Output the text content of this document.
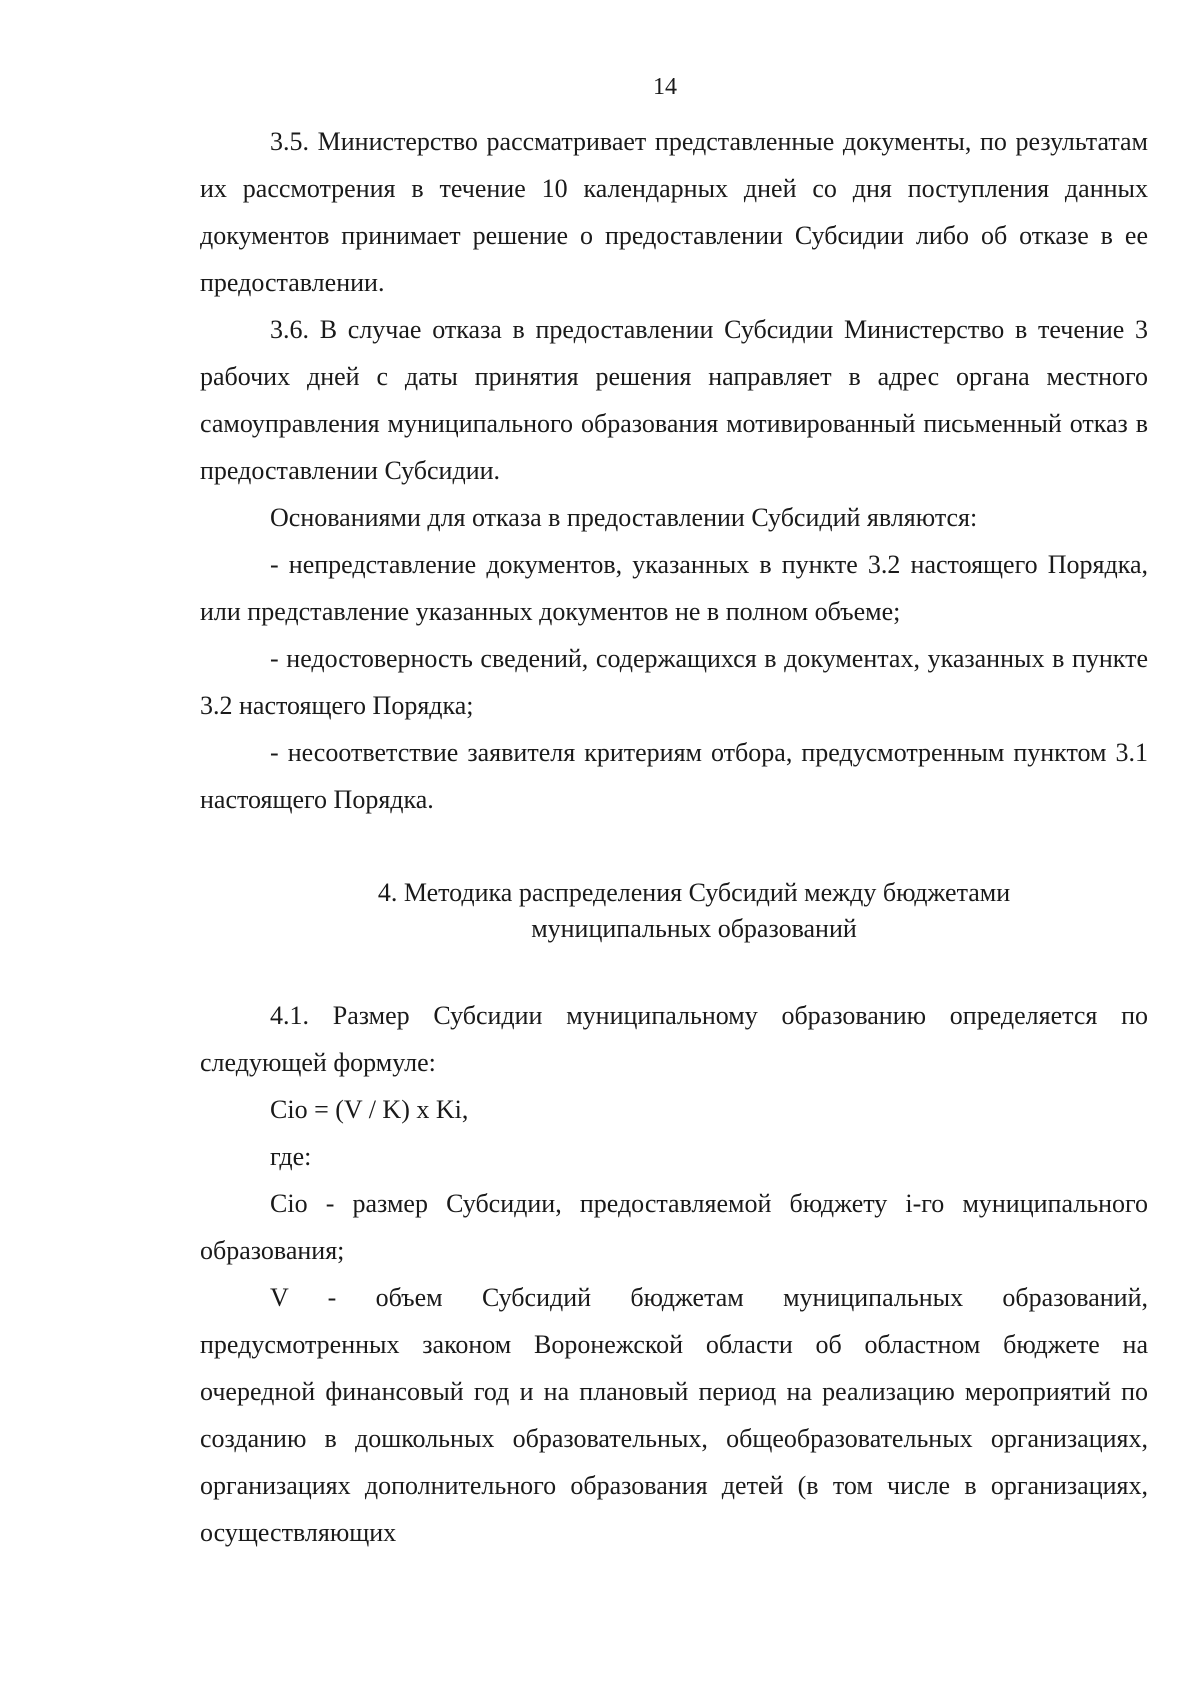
14

3.5. Министерство рассматривает представленные документы, по результатам их рассмотрения в течение 10 календарных дней со дня поступления данных документов принимает решение о предоставлении Субсидии либо об отказе в ее предоставлении.

3.6. В случае отказа в предоставлении Субсидии Министерство в течение 3 рабочих дней с даты принятия решения направляет в адрес органа местного самоуправления муниципального образования мотивированный письменный отказ в предоставлении Субсидии.

Основаниями для отказа в предоставлении Субсидий являются:

- непредставление документов, указанных в пункте 3.2 настоящего Порядка, или представление указанных документов не в полном объеме;

- недостоверность сведений, содержащихся в документах, указанных в пункте 3.2 настоящего Порядка;

- несоответствие заявителя критериям отбора, предусмотренным пунктом 3.1 настоящего Порядка.

4. Методика распределения Субсидий между бюджетами
муниципальных образований

4.1. Размер Субсидии муниципальному образованию определяется по следующей формуле:

Cio = (V / K) x Ki,

где:

Cio - размер Субсидии, предоставляемой бюджету i-го муниципального образования;

V - объем Субсидий бюджетам муниципальных образований, предусмотренных законом Воронежской области об областном бюджете на очередной финансовый год и на плановый период на реализацию мероприятий по созданию в дошкольных образовательных, общеобразовательных организациях, организациях дополнительного образования детей (в том числе в организациях, осуществляющих
